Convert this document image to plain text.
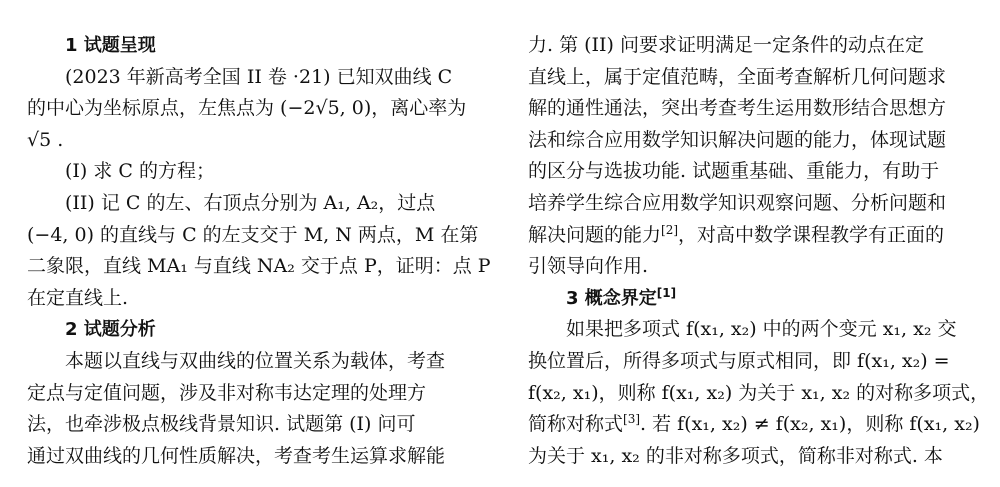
1 试题呈现
(2023 年新高考全国 II 卷 ·21) 已知双曲线 C
的中心为坐标原点，左焦点为 (−2√5, 0)，离心率为
√5 .
(I) 求 C 的方程；
(II) 记 C 的左、右顶点分别为 A₁, A₂，过点
(−4, 0) 的直线与 C 的左支交于 M, N 两点，M 在第
二象限，直线 MA₁ 与直线 NA₂ 交于点 P，证明：点 P
在定直线上.
2 试题分析
本题以直线与双曲线的位置关系为载体，考查
定点与定值问题，涉及非对称韦达定理的处理方
法，也牵涉极点极线背景知识. 试题第 (I) 问可
通过双曲线的几何性质解决，考查考生运算求解能
力. 第 (II) 问要求证明满足一定条件的动点在定
直线上，属于定值范畴，全面考查解析几何问题求
解的通性通法，突出考查考生运用数形结合思想方
法和综合应用数学知识解决问题的能力，体现试题
的区分与选拔功能. 试题重基础、重能力，有助于
培养学生综合应用数学知识观察问题、分析问题和
解决问题的能力[2]，对高中数学课程教学有正面的
引领导向作用.
3 概念界定[1]
如果把多项式 f(x₁, x₂) 中的两个变元 x₁, x₂ 交
换位置后，所得多项式与原式相同，即 f(x₁, x₂) =
f(x₂, x₁)，则称 f(x₁, x₂) 为关于 x₁, x₂ 的对称多项式，
简称对称式[3]. 若 f(x₁, x₂) ≠ f(x₂, x₁)，则称 f(x₁, x₂)
为关于 x₁, x₂ 的非对称多项式，简称非对称式. 本
